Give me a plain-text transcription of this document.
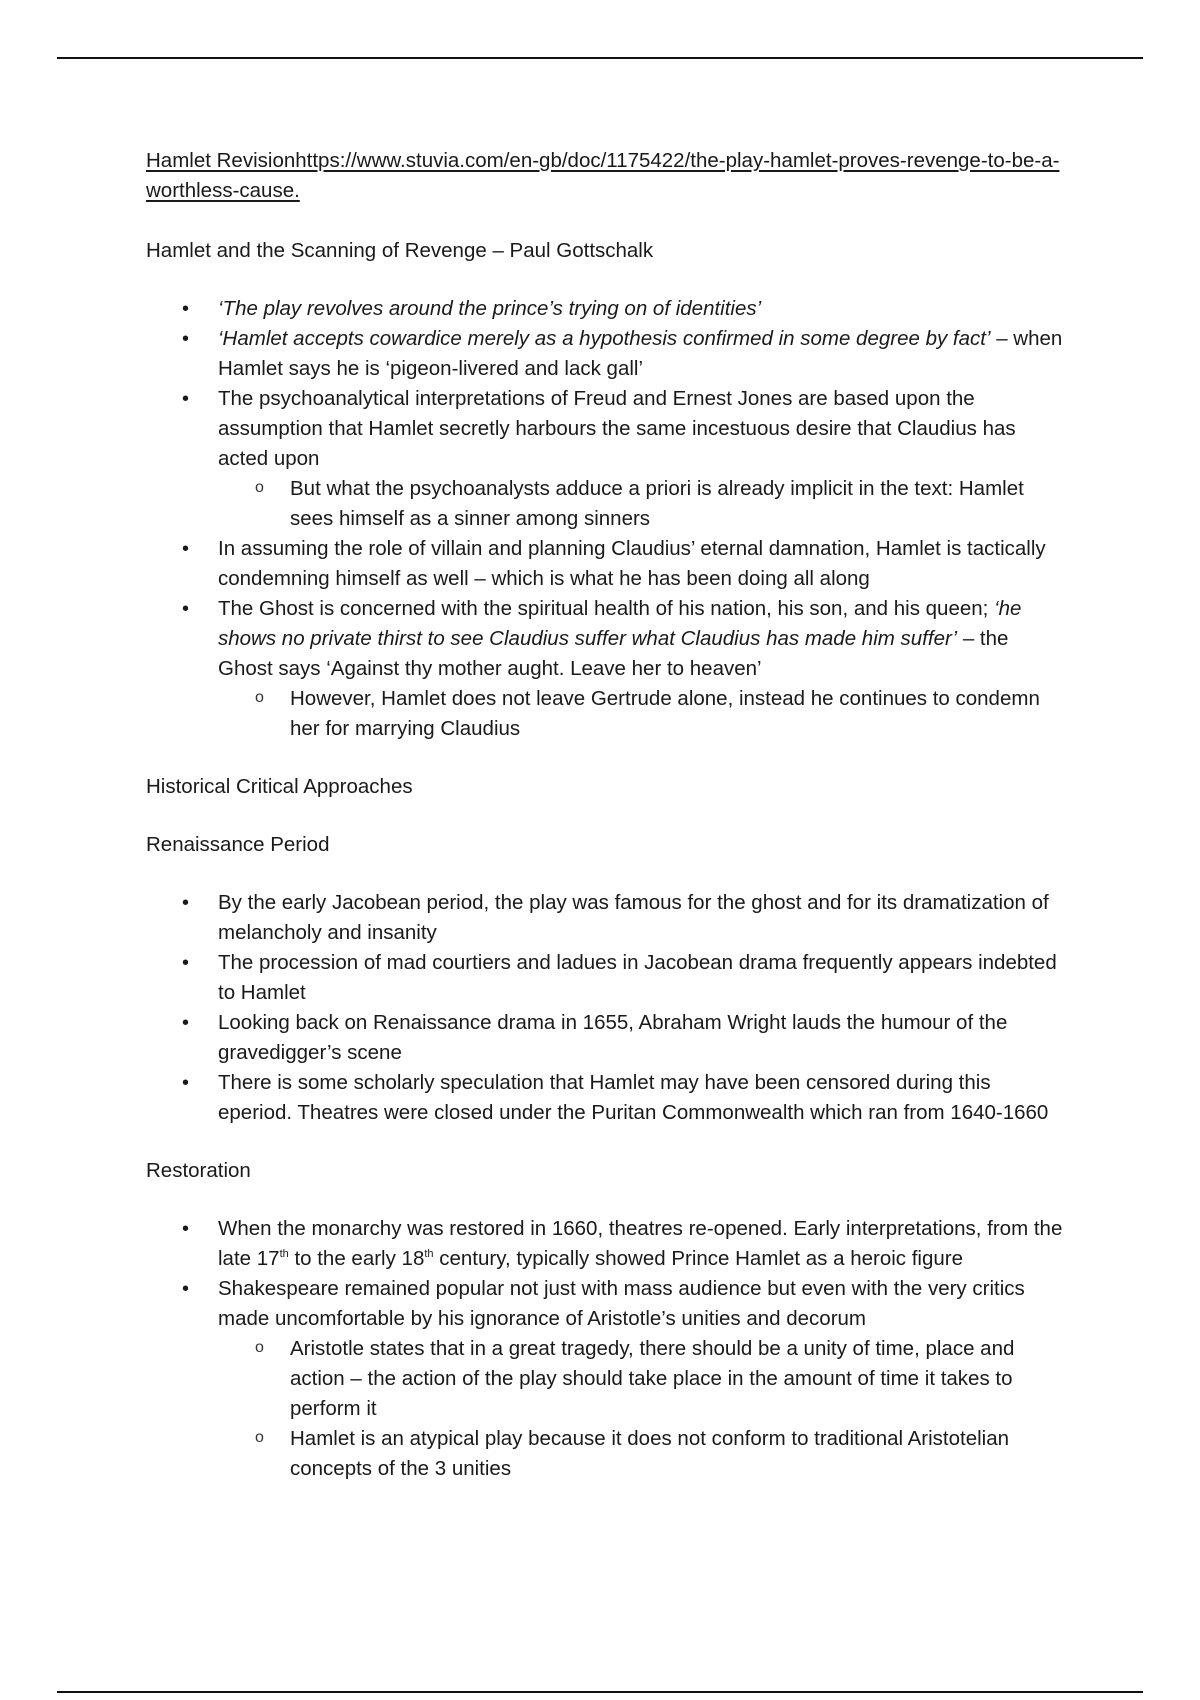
Hamlet Revisionhttps://www.stuvia.com/en-gb/doc/1175422/the-play-hamlet-proves-revenge-to-be-a-worthless-cause.

Hamlet and the Scanning of Revenge – Paul Gottschalk

• ‘The play revolves around the prince’s trying on of identities’
• ‘Hamlet accepts cowardice merely as a hypothesis confirmed in some degree by fact’ – when Hamlet says he is ‘pigeon-livered and lack gall’
• The psychoanalytical interpretations of Freud and Ernest Jones are based upon the assumption that Hamlet secretly harbours the same incestuous desire that Claudius has acted upon
o But what the psychoanalysts adduce a priori is already implicit in the text: Hamlet sees himself as a sinner among sinners
• In assuming the role of villain and planning Claudius’ eternal damnation, Hamlet is tactically condemning himself as well – which is what he has been doing all along
• The Ghost is concerned with the spiritual health of his nation, his son, and his queen; ‘he shows no private thirst to see Claudius suffer what Claudius has made him suffer’ – the Ghost says ‘Against thy mother aught. Leave her to heaven’
o However, Hamlet does not leave Gertrude alone, instead he continues to condemn her for marrying Claudius

Historical Critical Approaches

Renaissance Period

• By the early Jacobean period, the play was famous for the ghost and for its dramatization of melancholy and insanity
• The procession of mad courtiers and ladues in Jacobean drama frequently appears indebted to Hamlet
• Looking back on Renaissance drama in 1655, Abraham Wright lauds the humour of the gravedigger’s scene
• There is some scholarly speculation that Hamlet may have been censored during this eperiod. Theatres were closed under the Puritan Commonwealth which ran from 1640-1660

Restoration

• When the monarchy was restored in 1660, theatres re-opened. Early interpretations, from the late 17th to the early 18th century, typically showed Prince Hamlet as a heroic figure
• Shakespeare remained popular not just with mass audience but even with the very critics made uncomfortable by his ignorance of Aristotle’s unities and decorum
o Aristotle states that in a great tragedy, there should be a unity of time, place and action – the action of the play should take place in the amount of time it takes to perform it
o Hamlet is an atypical play because it does not conform to traditional Aristotelian concepts of the 3 unities
